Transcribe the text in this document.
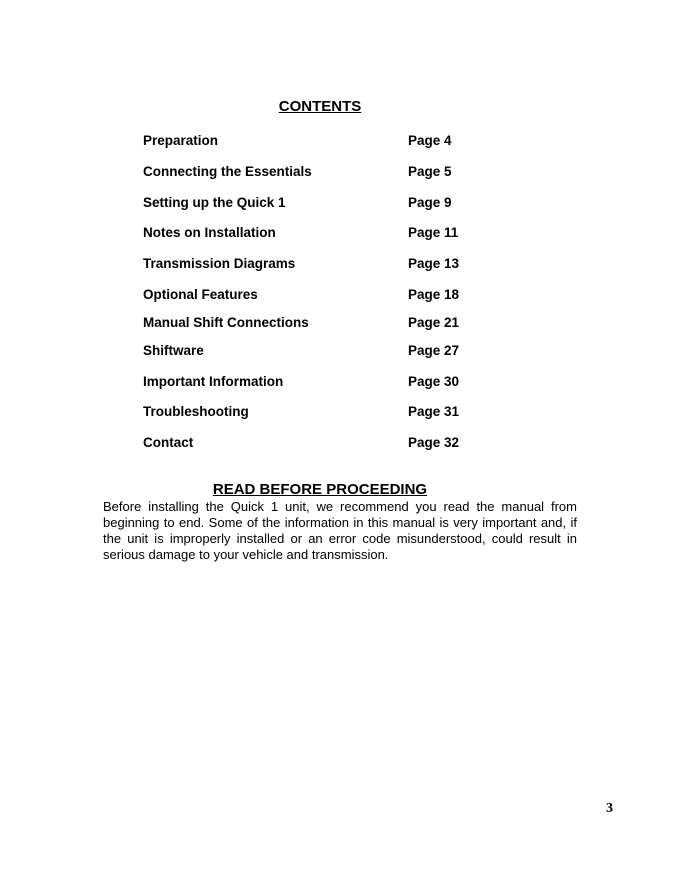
CONTENTS
Preparation	Page 4
Connecting the Essentials	Page 5
Setting up the Quick 1	Page 9
Notes on Installation	Page 11
Transmission Diagrams	Page 13
Optional Features	Page 18
Manual Shift Connections	Page 21
Shiftware	Page 27
Important Information	Page 30
Troubleshooting	Page 31
Contact	Page 32
READ BEFORE PROCEEDING

Before installing the Quick 1 unit, we recommend you read the manual from beginning to end. Some of the information in this manual is very important and, if the unit is improperly installed or an error code misunderstood, could result in serious damage to your vehicle and transmission.

3
